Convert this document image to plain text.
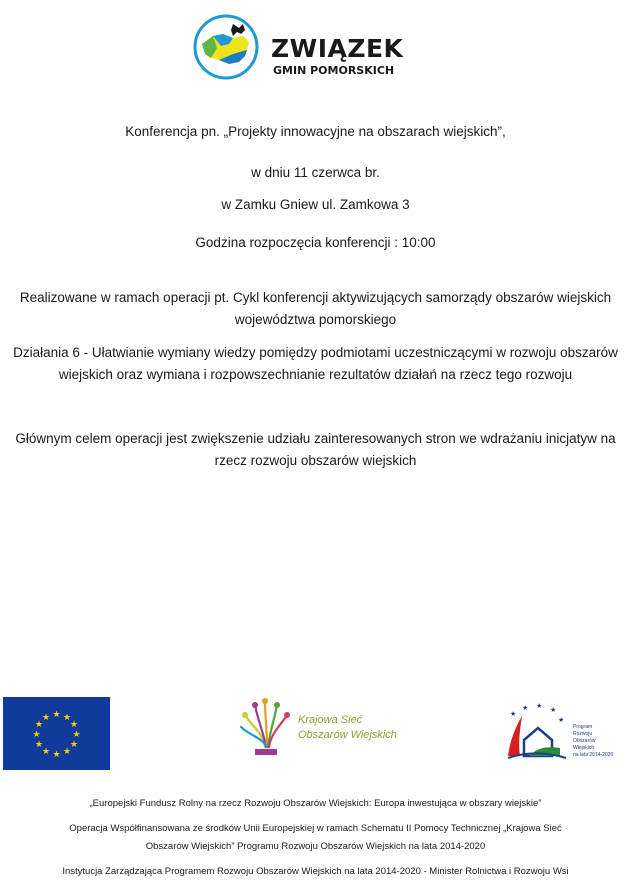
ZWIĄZEK
GMIN POMORSKICH
Konferencja pn. „Projekty innowacyjne na obszarach wiejskich”,
w dniu 11 czerwca br.
w Zamku Gniew ul. Zamkowa 3
Godzina rozpoczęcia konferencji : 10:00
Realizowane w ramach operacji pt. Cykl konferencji aktywizujących samorządy obszarów wiejskich województwa pomorskiego
Działania 6 - Ułatwianie wymiany wiedzy pomiędzy podmiotami uczestniczącymi w rozwoju obszarów wiejskich oraz wymiana i rozpowszechnianie rezultatów działań na rzecz tego rozwoju
Głównym celem operacji jest zwiększenie udziału zainteresowanych stron we wdrażaniu inicjatyw na rzecz rozwoju obszarów wiejskich
★ ★
★
★
★
★
★
★
★
★
★
★	Krajowa Sieć
Obszarów Wiejskich
★
★ ★
★
★
Program
Rozwoju
Obszarów
Wiejskich
na lata 2014-2020
„Europejski Fundusz Rolny na rzecz Rozwoju Obszarów Wiejskich: Europa inwestująca w obszary wiejskie”
Operacja Współfinansowana ze środków Unii Europejskiej w ramach Schematu II Pomocy Technicznej „Krajowa Sieć
Obszarów Wiejskich” Programu Rozwoju Obszarów Wiejskich na lata 2014-2020
Instytucja Zarządzająca Programem Rozwoju Obszarów Wiejskich na lata 2014-2020 - Minister Rolnictwa i Rozwoju Wsi
